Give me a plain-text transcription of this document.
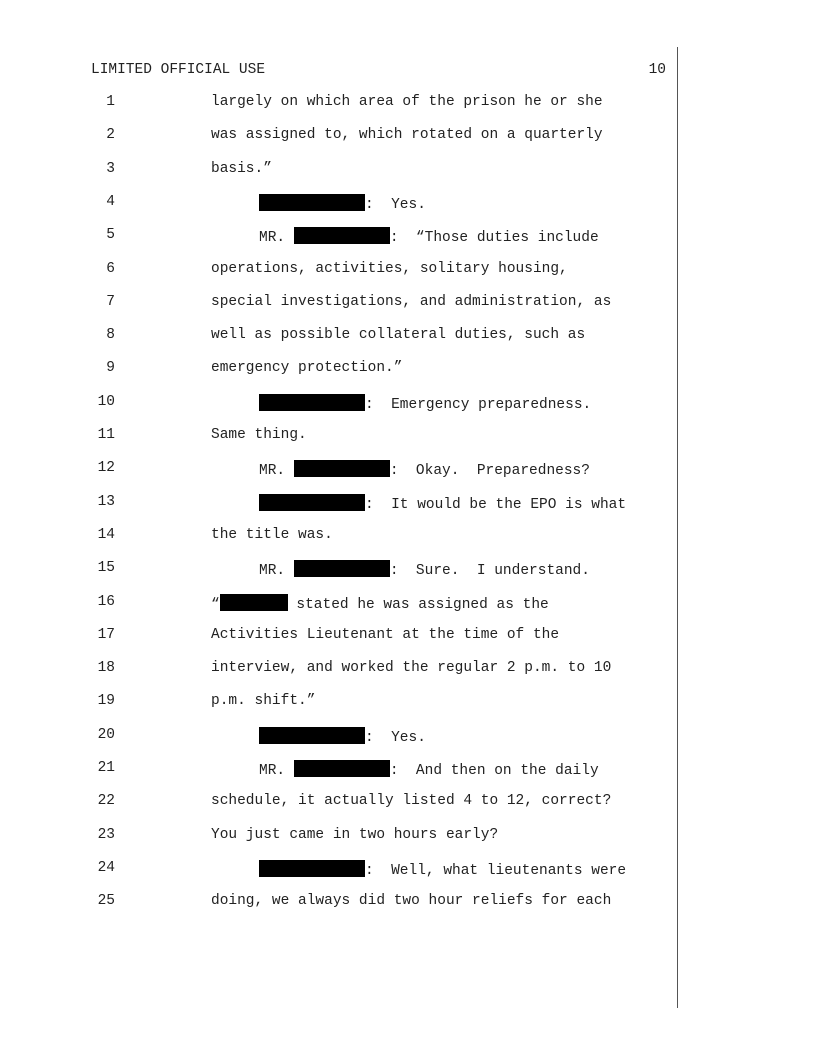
LIMITED OFFICIAL USE	10
1	largely on which area of the prison he or she
2	was assigned to, which rotated on a quarterly
3	basis.”
4	:  Yes.
5	MR.	:  “Those duties include
6	operations, activities, solitary housing,
7	special investigations, and administration, as
8	well as possible collateral duties, such as
9	emergency protection.”
10	:  Emergency preparedness.
11	Same thing.
12	MR.	:  Okay.  Preparedness?
13	:  It would be the EPO is what
14	the title was.
15	MR.	:  Sure.  I understand.
16	“	stated he was assigned as the
17	Activities Lieutenant at the time of the
18	interview, and worked the regular 2 p.m. to 10
19	p.m. shift.”
20	:  Yes.
21	MR.	:  And then on the daily
22	schedule, it actually listed 4 to 12, correct?
23	You just came in two hours early?
24	:  Well, what lieutenants were
25	doing, we always did two hour reliefs for each
